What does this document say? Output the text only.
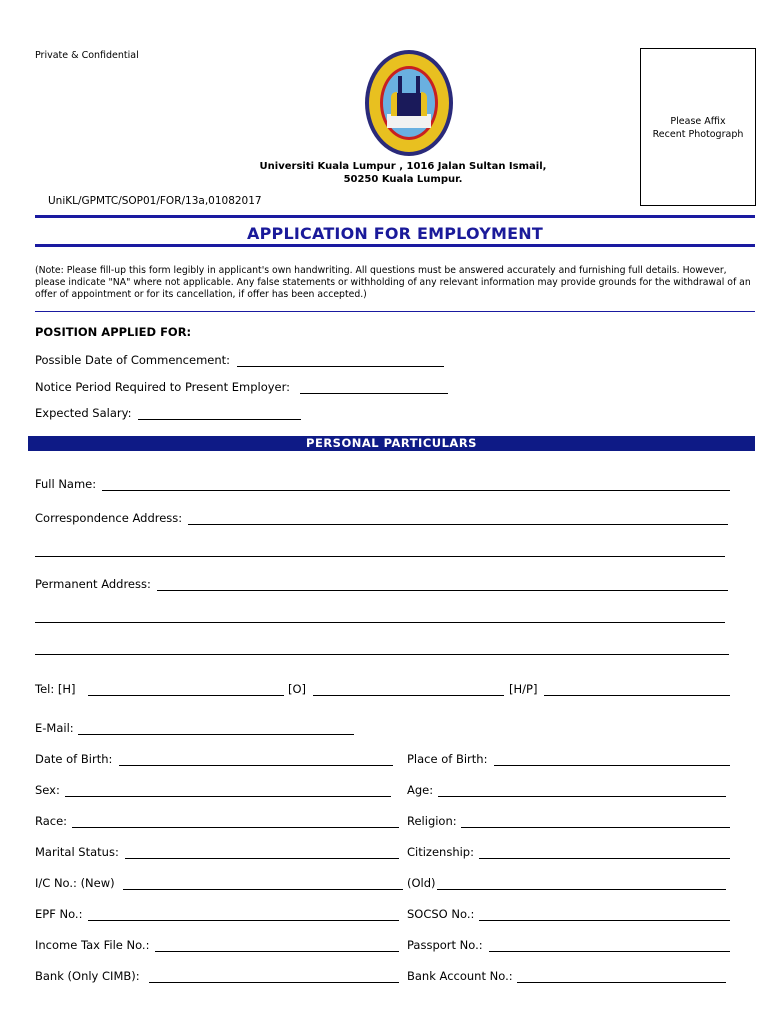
Private & Confidential
Universiti Kuala Lumpur , 1016 Jalan Sultan Ismail,
50250 Kuala Lumpur.
Please Affix
Recent Photograph
UniKL/GPMTC/SOP01/FOR/13a,01082017
APPLICATION FOR EMPLOYMENT
(Note: Please fill-up this form legibly in applicant's own handwriting. All questions must be answered accurately and furnishing full details. However, please indicate "NA" where not applicable. Any false statements or withholding of any relevant information may provide grounds for the withdrawal of an offer of appointment or for its cancellation, if offer has been accepted.)
POSITION APPLIED FOR:
Possible Date of Commencement:
Notice Period Required to Present Employer:
Expected Salary:
PERSONAL PARTICULARS
Full Name:
Correspondence Address:
Permanent Address:
Tel: [H]	[O]	[H/P]
E-Mail:
Date of Birth:	Place of Birth:
Sex:	Age:
Race:	Religion:
Marital Status:	Citizenship:
I/C No.: (New)	(Old)
EPF No.:	SOCSO No.:
Income Tax File No.:	Passport No.:
Bank (Only CIMB):	Bank Account No.:
